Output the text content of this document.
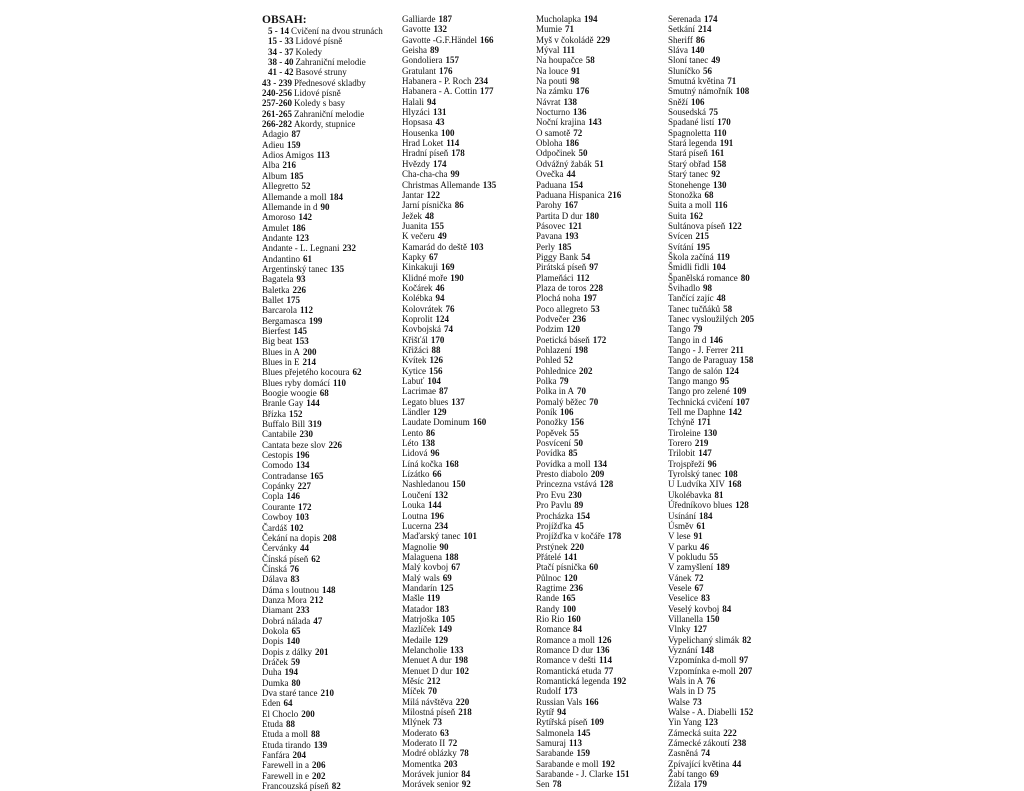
OBSAH:
5 - 14 Cvičení na dvou strunách
15 - 33 Lidové písně
34 - 37 Koledy
38 - 40 Zahraniční melodie
41 - 42 Basové struny
43 - 239 Přednesové skladby
240-256 Lidové písně
257-260 Koledy s basy
261-265 Zahraniční melodie
266-282 Akordy, stupnice
Adagio 87
Adieu 159
Adios Amigos 113
Alba 216
Album 185
Allegretto 52
Allemande a moll 184
Allemande in d 90
Amoroso 142
Amulet 186
Andante 123
Andante - L. Legnani 232
Andantino 61
Argentinský tanec 135
Bagatela 93
Baletka 226
Ballet 175
Barcarola 112
Bergamasca 199
Bierfest 145
Big beat 153
Blues in A 200
Blues in E 214
Blues přejetého kocoura 62
Blues ryby domácí 110
Boogie woogie 68
Branle Gay 144
Břízka 152
Buffalo Bill 319
Cantabile 230
Cantata beze slov 226
Cestopis 196
Comodo 134
Contradanse 165
Copánky 227
Copla 146
Courante 172
Cowboy 103
Čardáš 102
Čekání na dopis 208
Červánky 44
Čínská píseň 62
Čínská 76
Dálava 83
Dáma s loutnou 148
Danza Mora 212
Diamant 233
Dobrá nálada 47
Dokola 65
Dopis 140
Dopis z dálky 201
Dráček 59
Duha 194
Dumka 80
Dva staré tance 210
Eden 64
El Choclo 200
Etuda 88
Etuda a moll 88
Etuda tirando 139
Fanfára 204
Farewell in a 206
Farewell in e 202
Francouzská píseň 82
Galliarde 187
Gavotte 132
Gavotte -G.F.Händel 166
Geisha 89
Gondoliera 157
Gratulant 176
Habanera - P. Roch 234
Habanera - A. Cottin 177
Halali 94
Hlyzáci 131
Hopsasa 43
Housenka 100
Hrad Loket 114
Hradní píseň 178
Hvězdy 174
Cha-cha-cha 99
Christmas Allemande 135
Jantar 122
Jarní písnička 86
Ježek 48
Juanita 155
K večeru 49
Kamarád do deště 103
Kapky 67
Kinkakuji 169
Klidné moře 190
Kočárek 46
Kolébka 94
Kolovrátek 76
Koprolit 124
Kovbojská 74
Křišťál 170
Křižáci 88
Kvítek 126
Kytice 156
Labuť 104
Lacrimae 87
Legato blues 137
Ländler 129
Laudate Dominum 160
Lento 86
Léto 138
Lidová 96
Líná kočka 168
Lízátko 66
Nashledanou 150
Loučení 132
Louka 144
Loutna 196
Lucerna 234
Maďarský tanec 101
Magnolie 90
Malaguena 188
Malý kovboj 67
Malý wals 69
Mandarín 125
Mašle 119
Matador 183
Matrjoška 105
Mazlíček 149
Medaile 129
Melancholie 133
Menuet A dur 198
Menuet D dur 102
Měsíc 212
Míček 70
Milá návštěva 220
Milostná píseň 218
Mlýnek 73
Moderato 63
Moderato II 72
Modré oblázky 78
Momentka 203
Morávek junior 84
Morávek senior 92
Mucholapka 194
Mumie 71
Myš v čokoládě 229
Mýval 111
Na houpačce 58
Na louce 91
Na pouti 98
Na zámku 176
Návrat 138
Nocturno 136
Noční krajina 143
O samotě 72
Obloha 186
Odpočinek 50
Odvážný žabák 51
Ovečka 44
Paduana 154
Paduana Hispanica 216
Parohy 167
Partita D dur 180
Pásovec 121
Pavana 193
Perly 185
Piggy Bank 54
Pirátská píseň 97
Plameňáci 112
Plaza de toros 228
Plochá noha 197
Poco allegreto 53
Podvečer 236
Podzim 120
Poetická báseň 172
Pohlazení 198
Pohled 52
Pohlednice 202
Polka 79
Polka in A 70
Pomalý běžec 70
Poník 106
Ponožky 156
Popěvek 55
Posvícení 50
Povídka 85
Povídka a moll 134
Presto diabolo 209
Princezna vstává 128
Pro Evu 230
Pro Pavlu 89
Procházka 154
Projížďka 45
Projížďka v kočáře 178
Prstýnek 220
Přátelé 141
Ptačí písnička 60
Půlnoc 120
Ragtime 236
Rande 165
Randy 100
Rio Rio 160
Romance 84
Romance a moll 126
Romance D dur 136
Romance v dešti 114
Romantická etuda 77
Romantická legenda 192
Rudolf 173
Russian Vals 166
Rytíř 94
Rytířská píseň 109
Salmonela 145
Samuraj 113
Sarabande 159
Sarabande e moll 192
Sarabande - J. Clarke 151
Sen 78
Serenada 174
Setkání 214
Sheriff 86
Sláva 140
Sloní tanec 49
Sluníčko 56
Smutná květina 71
Smutný námořník 108
Sněží 106
Sousedská 75
Spadané listí 170
Spagnoletta 110
Stará legenda 191
Stará píseň 161
Starý obřad 158
Starý tanec 92
Stonehenge 130
Stonožka 68
Suita a moll 116
Suita 162
Sultánova píseň 122
Svícen 215
Svítání 195
Škola začíná 119
Šmidli fidli 104
Španělská romance 80
Švihadlo 98
Tančící zajíc 48
Tanec tučňáků 58
Tanec vysloužilých 205
Tango 79
Tango in d 146
Tango - J. Ferrer 211
Tango de Paraguay 158
Tango de salón 124
Tango mango 95
Tango pro zelené 109
Technická cvičení 107
Tell me Daphne 142
Tchýně 171
Tiroleine 130
Torero 219
Trilobit 147
Trojspřeží 96
Tyrolský tanec 108
U Ludvíka XIV 168
Ukolébavka 81
Úředníkovo blues 128
Usínání 184
Úsměv 61
V lese 91
V parku 46
V pokludu 55
V zamyšlení 189
Vánek 72
Vesele 67
Veselice 83
Veselý kovboj 84
Villanella 150
Vlnky 127
Vypelichaný slimák 82
Vyznání 148
Vzpomínka d-moll 97
Vzpomínka e-moll 207
Wals in A 76
Wals in D 75
Walse 73
Walse - A. Diabelli 152
Yin Yang 123
Zámecká suita 222
Zámecké zákoutí 238
Zasněná 74
Zpívající květina 44
Žabí tango 69
Žížala 179
